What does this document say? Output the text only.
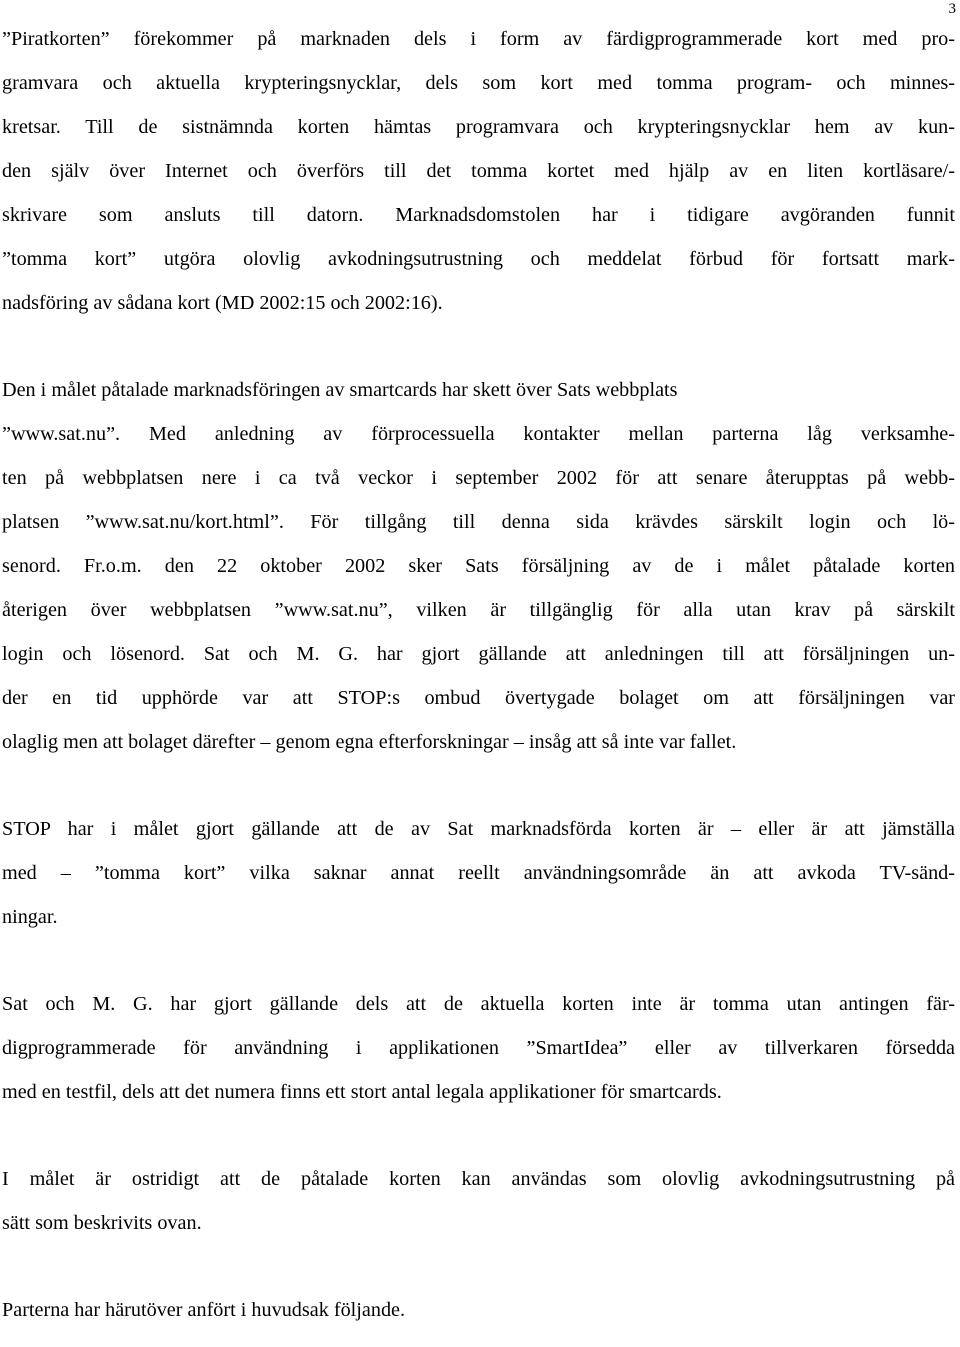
3

”Piratkorten” förekommer på marknaden dels i form av färdigprogrammerade kort med pro-
gramvara och aktuella krypteringsnycklar, dels som kort med tomma program- och minnes-
kretsar. Till de sistnämnda korten hämtas programvara och krypteringsnycklar hem av kun-
den själv över Internet och överförs till det tomma kortet med hjälp av en liten kortläsare/-
skrivare som ansluts till datorn. Marknadsdomstolen har i tidigare avgöranden funnit
”tomma kort” utgöra olovlig avkodningsutrustning och meddelat förbud för fortsatt mark-
nadsföring av sådana kort (MD 2002:15 och 2002:16).

Den i målet påtalade marknadsföringen av smartcards har skett över Sats webbplats
”www.sat.nu”. Med anledning av förprocessuella kontakter mellan parterna låg verksamhe-
ten på webbplatsen nere i ca två veckor i september 2002 för att senare återupptas på webb-
platsen ”www.sat.nu/kort.html”. För tillgång till denna sida krävdes särskilt login och lö-
senord. Fr.o.m. den 22 oktober 2002 sker Sats försäljning av de i målet påtalade korten
återigen över webbplatsen ”www.sat.nu”, vilken är tillgänglig för alla utan krav på särskilt
login och lösenord. Sat och M. G. har gjort gällande att anledningen till att försäljningen un-
der en tid upphörde var att STOP:s ombud övertygade bolaget om att försäljningen var
olaglig men att bolaget därefter – genom egna efterforskningar – insåg att så inte var fallet.

STOP har i målet gjort gällande att de av Sat marknadsförda korten är – eller är att jämställa
med – ”tomma kort” vilka saknar annat reellt användningsområde än att avkoda TV-sänd-
ningar.

Sat och M. G. har gjort gällande dels att de aktuella korten inte är tomma utan antingen fär-
digprogrammerade för användning i applikationen ”SmartIdea” eller av tillverkaren försedda
med en testfil, dels att det numera finns ett stort antal legala applikationer för smartcards.

I målet är ostridigt att de påtalade korten kan användas som olovlig avkodningsutrustning på
sätt som beskrivits ovan.

Parterna har härutöver anfört i huvudsak följande.
